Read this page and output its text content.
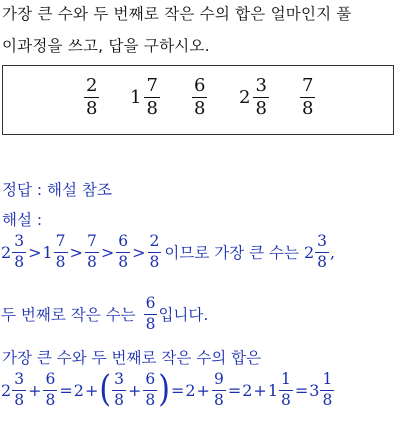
가장 큰 수와 두 번째로 작은 수의 합은 얼마인지 풀
이과정을 쓰고, 답을 구하시오.
$\frac{2}{8} 1 \frac{7}{8} \frac{6}{8} 2 \frac{3}{8} \frac{7}{8}$
정답 : 해설 참조
해설 :
$2 \frac{3}{8} > 1 \frac{7}{8} > \frac{7}{8} > \frac{6}{8} > \frac{2}{8}$ 이므로 가장 큰 수는 $2 \frac{3}{8}$ ,
두 번째로 작은 수는 $\frac{6}{8}$ 입니다.
가장 큰 수와 두 번째로 작은 수의 합은
$2 \frac{3}{8} + \frac{6}{8} = 2$ + ( $\frac{3}{8} + \frac{6}{8}$ ) = $2 + \frac{9}{8} = 2 + 1 \frac{1}{8} = 3 \frac{1}{8}$
